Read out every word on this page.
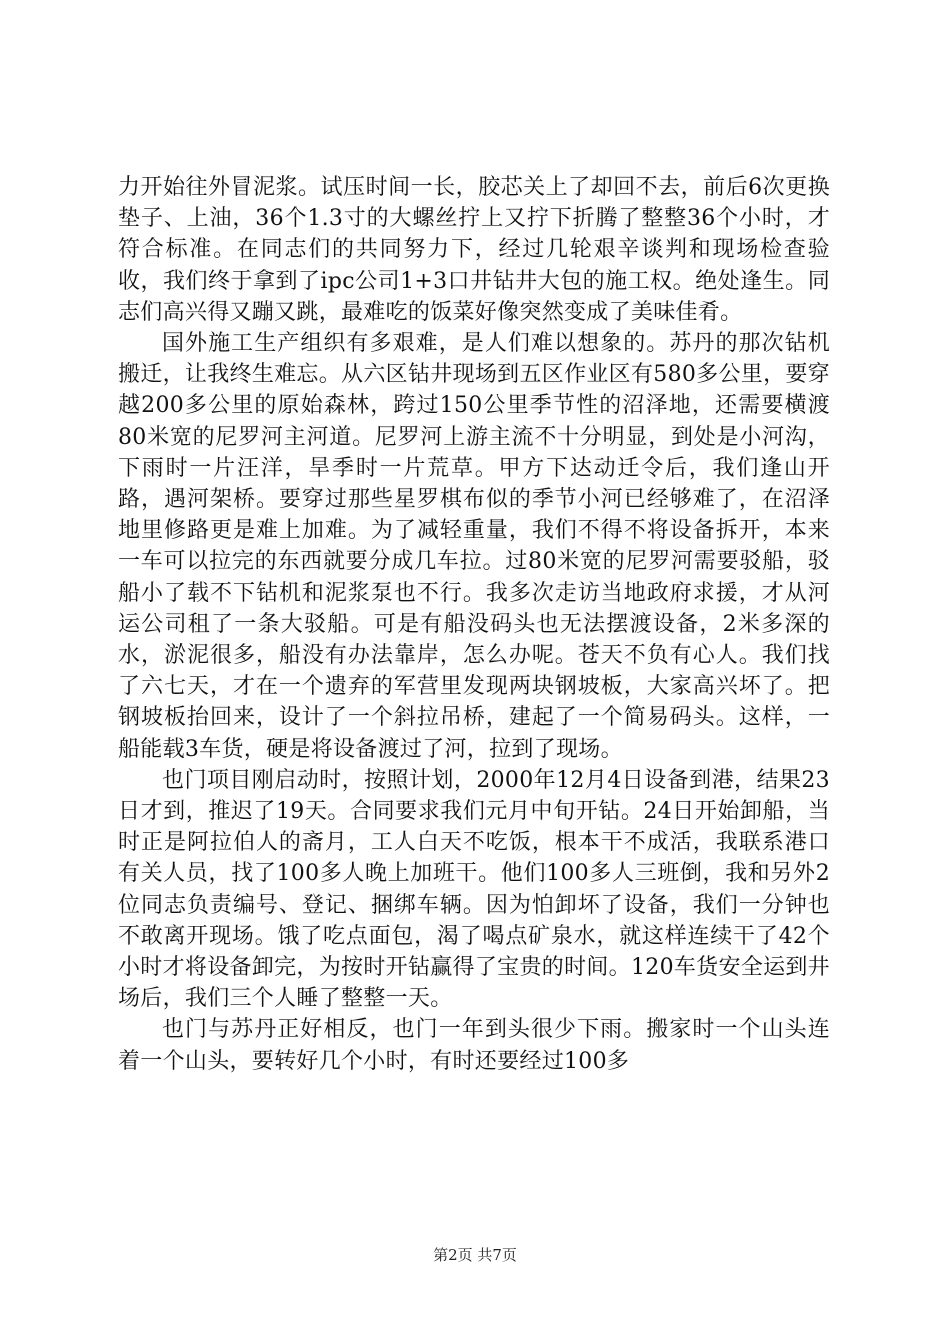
力开始往外冒泥浆。试压时间一长，胶芯关上了却回不去，前后6次更换垫子、上油，36个1.3寸的大螺丝拧上又拧下折腾了整整36个小时，才符合标准。在同志们的共同努力下，经过几轮艰辛谈判和现场检查验收，我们终于拿到了ipc公司1+3口井钻井大包的施工权。绝处逢生。同志们高兴得又蹦又跳，最难吃的饭菜好像突然变成了美味佳肴。

国外施工生产组织有多艰难，是人们难以想象的。苏丹的那次钻机搬迁，让我终生难忘。从六区钻井现场到五区作业区有580多公里，要穿越200多公里的原始森林，跨过150公里季节性的沼泽地，还需要横渡80米宽的尼罗河主河道。尼罗河上游主流不十分明显，到处是小河沟，下雨时一片汪洋，旱季时一片荒草。甲方下达动迁令后，我们逢山开路，遇河架桥。要穿过那些星罗棋布似的季节小河已经够难了，在沼泽地里修路更是难上加难。为了减轻重量，我们不得不将设备拆开，本来一车可以拉完的东西就要分成几车拉。过80米宽的尼罗河需要驳船，驳船小了载不下钻机和泥浆泵也不行。我多次走访当地政府求援，才从河运公司租了一条大驳船。可是有船没码头也无法摆渡设备，2米多深的水，淤泥很多，船没有办法靠岸，怎么办呢。苍天不负有心人。我们找了六七天，才在一个遗弃的军营里发现两块钢坡板，大家高兴坏了。把钢坡板抬回来，设计了一个斜拉吊桥，建起了一个简易码头。这样，一船能载3车货，硬是将设备渡过了河，拉到了现场。

也门项目刚启动时，按照计划，2000年12月4日设备到港，结果23日才到，推迟了19天。合同要求我们元月中旬开钻。24日开始卸船，当时正是阿拉伯人的斋月，工人白天不吃饭，根本干不成活，我联系港口有关人员，找了100多人晚上加班干。他们100多人三班倒，我和另外2位同志负责编号、登记、捆绑车辆。因为怕卸坏了设备，我们一分钟也不敢离开现场。饿了吃点面包，渴了喝点矿泉水，就这样连续干了42个小时才将设备卸完，为按时开钻赢得了宝贵的时间。120车货安全运到井场后，我们三个人睡了整整一天。

也门与苏丹正好相反，也门一年到头很少下雨。搬家时一个山头连着一个山头，要转好几个小时，有时还要经过100多

第2页 共7页
